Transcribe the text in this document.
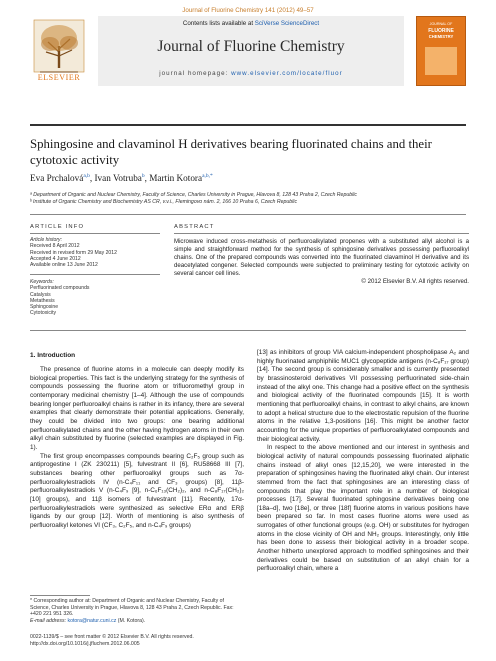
Journal of Fluorine Chemistry 141 (2012) 49–57
ELSEVIER
Contents lists available at SciVerse ScienceDirect
Journal of Fluorine Chemistry
journal homepage: www.elsevier.com/locate/fluor
JOURNAL OF
FLUORINE
CHEMISTRY
Sphingosine and clavaminol H derivatives bearing fluorinated chains and their cytotoxic activity
Eva Prchalová$^{a,b}$, Ivan Votruba$^b$, Martin Kotora$^{a,b,*}$
ᵃ Department of Organic and Nuclear Chemistry, Faculty of Science, Charles University in Prague, Hlavova 8, 128 43 Praha 2, Czech Republic
ᵇ Institute of Organic Chemistry and Biochemistry AS CR, v.v.i., Flemingovo nám. 2, 166 10 Praha 6, Czech Republic
ARTICLE INFO
Article history:
Received 8 April 2012
Received in revised form 29 May 2012
Accepted 4 June 2012
Available online 13 June 2012
Keywords:
Perfluorinated compounds
Catalysis
Metathesis
Sphingosine
Cytotoxicity
ABSTRACT
Microwave induced cross-metathesis of perfluoroalkylated propenes with a substituted allyl alcohol is a simple and straightforward method for the synthesis of sphingosine derivatives possessing perfluoroalkyl chains. One of the prepared compounds was converted into the fluorinated clavaminol H derivative and its deacetylated congener. Selected compounds were subjected to preliminary testing for cytotoxic activity on several cancer cell lines.
© 2012 Elsevier B.V. All rights reserved.
1. Introduction

The presence of fluorine atoms in a molecule can deeply modify its biological properties. This fact is the underlying strategy for the synthesis of compounds possessing the fluorine atom or trifluoromethyl group in contemporary medicinal chemistry [1–4]. Although the use of compounds bearing longer perfluoroalkyl chains is rather in its infancy, there are several examples that clearly demonstrate their potential applications. Generally, they could be divided into two groups: one bearing additional perfluoroalkylated chains and the other having hydrogen atoms in their own alkyl chain substituted by fluorine (selected examples are displayed in Fig. 1).

The first group encompasses compounds bearing C₂F₅ group such as antiprogestine I (ZK 230211) [5], fulvestrant II [6], RU58668 III [7], substances bearing other perfluoroalkyl groups such as 7α-perfluoroalkylestradiols IV (n-C₄F₁₁ and CF₃ groups) [8], 11β-perfluoroalkylestradiols V (n-C₄F₉ [9], n-C₆F₁₃(CH₂)₂, and n-C₈F₁₇(CH₂)₂ [10] groups), and 11β isomers of fulvestrant [11]. Recently, 17α-perfluoroalkylestradiols were synthesized as selective ERα and ERβ ligands by our group [12]. Worth of mentioning is also synthesis of perfluoroalkyl ketones VI (CF₃, C₂F₅, and n-C₄F₉ groups)

[13] as inhibitors of group VIA calcium-independent phospholipase A₂ and highly fluorinated amphiphilic MUC1 glycopeptide antigens (n-C₈F₁₇ group) [14]. The second group is considerably smaller and is currently presented by brassinosteroid derivatives VII possessing perfluorinated side-chain instead of the alkyl one. This change had a positive effect on the synthesis and biological activity of the fluorinated compounds [15]. It is worth mentioning that perfluoroalkyl chains, in contrast to alkyl chains, are known to adopt a helical structure due to the electrostatic repulsion of the fluorine atoms in the relative 1,3-positions [16]. This might be another factor accounting for the unique properties of perfluoroalkylated compounds and their biological activity.

In respect to the above mentioned and our interest in synthesis and biological activity of natural compounds possessing fluorinated aliphatic chains instead of alkyl ones [12,15,20], we were interested in the preparation of sphingosines having the fluorinated alkyl chain. Our interest stemmed from the fact that sphingosines are an interesting class of compounds that play the important role in a number of biological processes [17]. Several fluorinated sphingosine derivatives being one [18a–d], two [18e], or three [18f] fluorine atoms in various positions have been prepared so far. In most cases fluorine atoms were used as surrogates of other functional groups (e.g. OH) or substitutes for hydrogen atoms in the close vicinity of OH and NH₂ groups. Interestingly, only little has been done to assess their biological activity in a broader scope. Another hitherto unexplored approach to modified sphingosines and their derivatives could be based on substitution of an alkyl chain for a perfluoroalkyl chain, where a

* Corresponding author at: Department of Organic and Nuclear Chemistry, Faculty of Science, Charles University in Prague, Hlavova 8, 128 43 Praha 2, Czech Republic. Fax: +420 221 951 326.
E-mail address: kotora@natur.cuni.cz (M. Kotora).
0022-1139/$ – see front matter © 2012 Elsevier B.V. All rights reserved.
http://dx.doi.org/10.1016/j.jfluchem.2012.06.005
